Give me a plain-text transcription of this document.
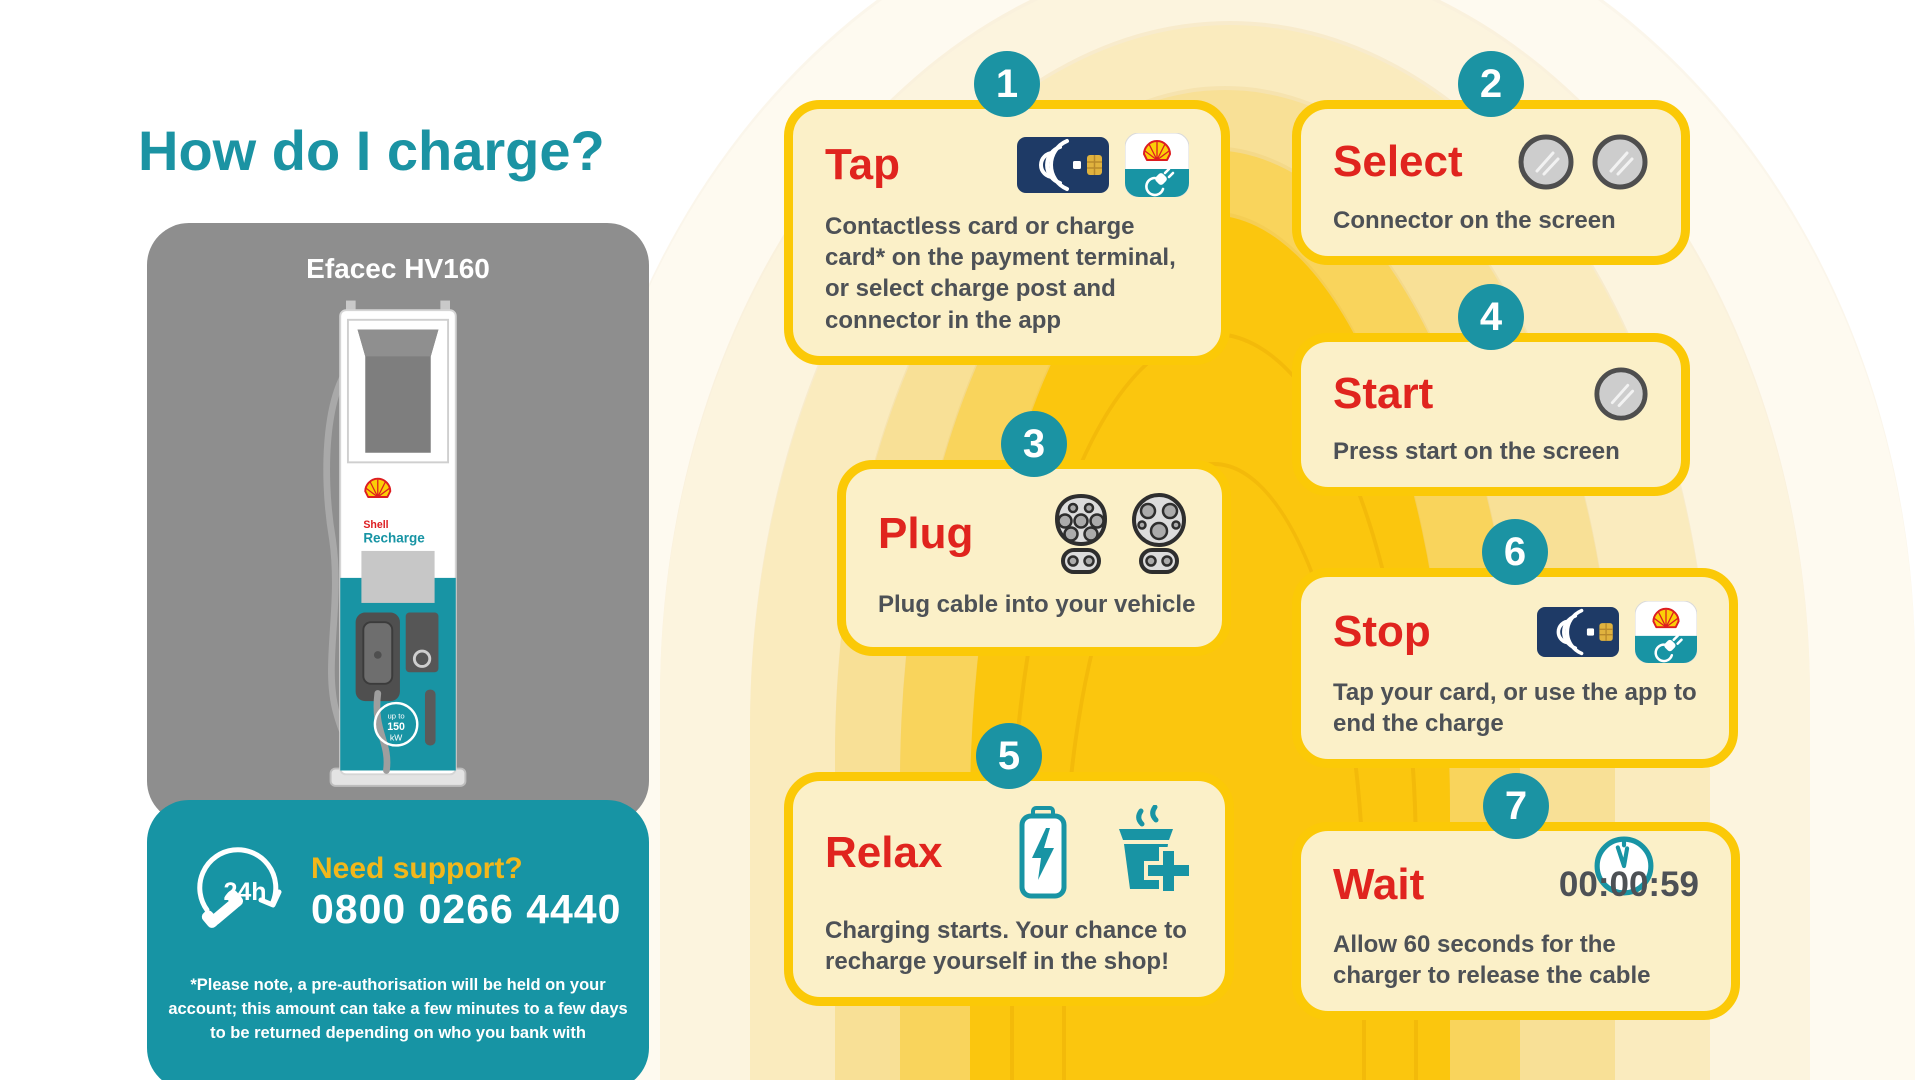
How do I charge?
Efacec HV160
Shell
Recharge
up to
150
kW
24h
Need support?
0800 0266 4440
*Please note, a pre-authorisation will be held on your account; this amount can take a few minutes to a few days to be returned depending on who you bank with
1
Tap
Contactless card or charge card* on the payment terminal, or select charge post and connector in the app
2
Select
Connector on the screen
3
Plug
Plug cable into your vehicle
4
Start
Press start on the screen
5
Relax
Charging starts. Your chance to recharge yourself in the shop!
6
Stop
Tap your card, or use the app to end the charge
7
Wait	00:00:59
Allow 60 seconds for the charger to release the cable
